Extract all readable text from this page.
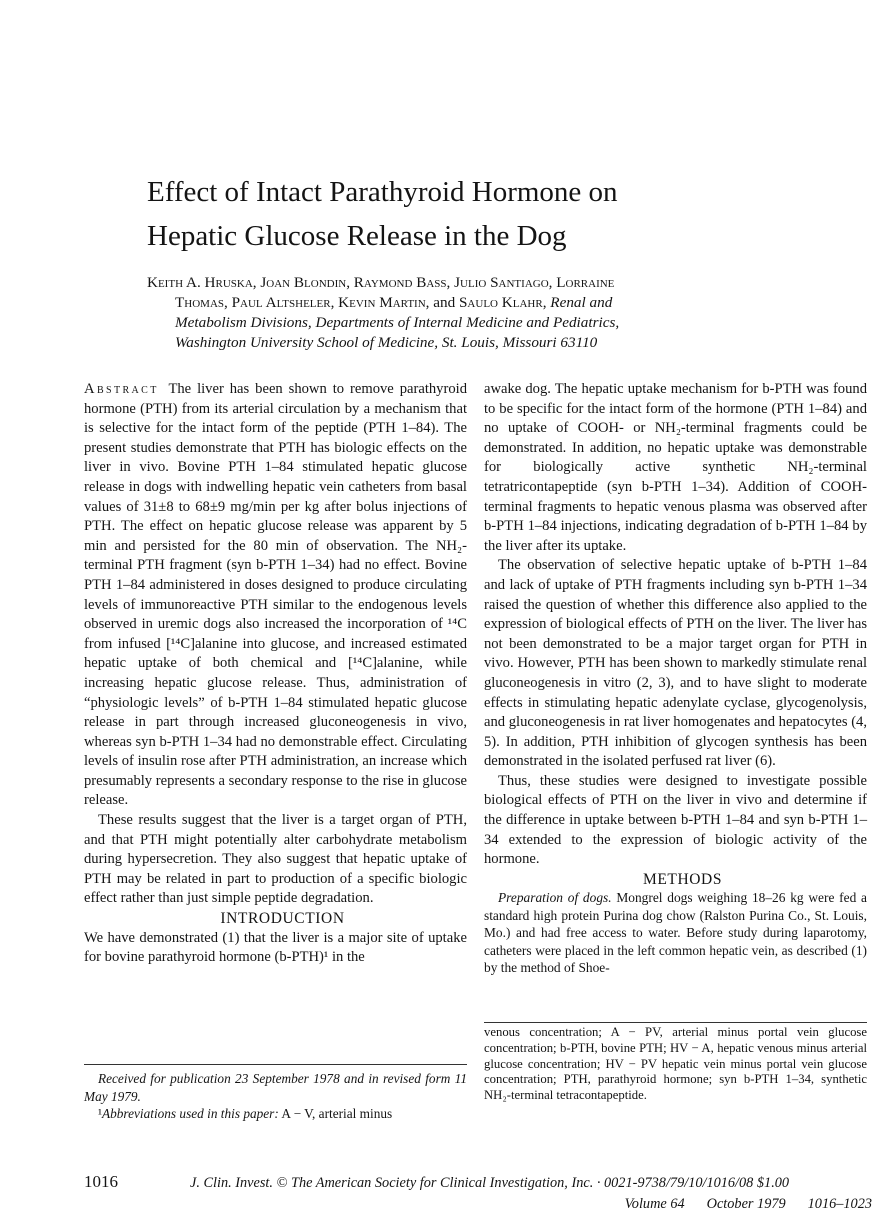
Effect of Intact Parathyroid Hormone on
Hepatic Glucose Release in the Dog
Keith A. Hruska, Joan Blondin, Raymond Bass, Julio Santiago, Lorraine
Thomas, Paul Altsheler, Kevin Martin, and Saulo Klahr, Renal and
Metabolism Divisions, Departments of Internal Medicine and Pediatrics,
Washington University School of Medicine, St. Louis, Missouri 63110

Abstract The liver has been shown to remove parathyroid hormone (PTH) from its arterial circulation by a mechanism that is selective for the intact form of the peptide (PTH 1–84). The present studies demonstrate that PTH has biologic effects on the liver in vivo. Bovine PTH 1–84 stimulated hepatic glucose release in dogs with indwelling hepatic vein catheters from basal values of 31±8 to 68±9 mg/min per kg after bolus injections of PTH. The effect on hepatic glucose release was apparent by 5 min and persisted for the 80 min of observation. The NH₂-terminal PTH fragment (syn b-PTH 1–34) had no effect. Bovine PTH 1–84 administered in doses designed to produce circulating levels of immunoreactive PTH similar to the endogenous levels observed in uremic dogs also increased the incorporation of ¹⁴C from infused [¹⁴C]alanine into glucose, and increased estimated hepatic uptake of both chemical and [¹⁴C]alanine, while increasing hepatic glucose release. Thus, administration of “physiologic levels” of b-PTH 1–84 stimulated hepatic glucose release in part through increased gluconeogenesis in vivo, whereas syn b-PTH 1–34 had no demonstrable effect. Circulating levels of insulin rose after PTH administration, an increase which presumably represents a secondary response to the rise in glucose release.

These results suggest that the liver is a target organ of PTH, and that PTH might potentially alter carbohydrate metabolism during hypersecretion. They also suggest that hepatic uptake of PTH may be related in part to production of a specific biologic effect rather than just simple peptide degradation.

INTRODUCTION

We have demonstrated (1) that the liver is a major site of uptake for bovine parathyroid hormone (b-PTH)¹ in the

awake dog. The hepatic uptake mechanism for b-PTH was found to be specific for the intact form of the hormone (PTH 1–84) and no uptake of COOH- or NH₂-terminal fragments could be demonstrated. In addition, no hepatic uptake was demonstrable for biologically active synthetic NH₂-terminal tetratricontapeptide (syn b-PTH 1–34). Addition of COOH-terminal fragments to hepatic venous plasma was observed after b-PTH 1–84 injections, indicating degradation of b-PTH 1–84 by the liver after its uptake.

The observation of selective hepatic uptake of b-PTH 1–84 and lack of uptake of PTH fragments including syn b-PTH 1–34 raised the question of whether this difference also applied to the expression of biological effects of PTH on the liver. The liver has not been demonstrated to be a major target organ for PTH in vivo. However, PTH has been shown to markedly stimulate renal gluconeogenesis in vitro (2, 3), and to have slight to moderate effects in stimulating hepatic adenylate cyclase, glycogenolysis, and gluconeogenesis in rat liver homogenates and hepatocytes (4, 5). In addition, PTH inhibition of glycogen synthesis has been demonstrated in the isolated perfused rat liver (6).

Thus, these studies were designed to investigate possible biological effects of PTH on the liver in vivo and determine if the difference in uptake between b-PTH 1–84 and syn b-PTH 1–34 extended to the expression of biologic activity of the hormone.

METHODS

Preparation of dogs. Mongrel dogs weighing 18–26 kg were fed a standard high protein Purina dog chow (Ralston Purina Co., St. Louis, Mo.) and had free access to water. Before study during laparotomy, catheters were placed in the left common hepatic vein, as described (1) by the method of Shoe-

Received for publication 23 September 1978 and in revised form 11 May 1979.

¹Abbreviations used in this paper: A − V, arterial minus

venous concentration; A − PV, arterial minus portal vein glucose concentration; b-PTH, bovine PTH; HV − A, hepatic venous minus arterial glucose concentration; HV − PV hepatic vein minus portal vein glucose concentration; PTH, parathyroid hormone; syn b-PTH 1–34, synthetic NH₂-terminal tetracontapeptide.

1016	J. Clin. Invest. © The American Society for Clinical Investigation, Inc. · 0021-9738/79/10/1016/08 $1.00
Volume 64 October 1979 1016–1023
